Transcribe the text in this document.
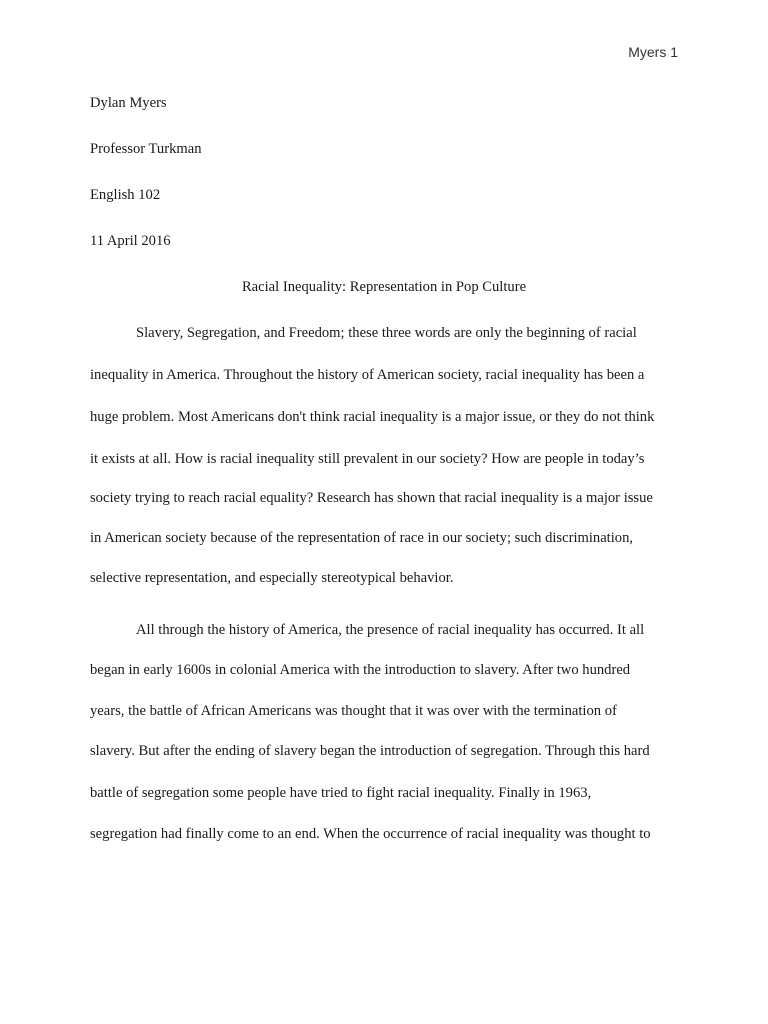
Myers 1
Dylan Myers
Professor Turkman
English 102
11 April 2016
Racial Inequality: Representation in Pop Culture
Slavery, Segregation, and Freedom; these three words are only the beginning of racial
inequality in America. Throughout the history of American society, racial inequality has been a
huge problem. Most Americans don't think racial inequality is a major issue, or they do not think
it exists at all. How is racial inequality still prevalent in our society? How are people in today’s
society trying to reach racial equality? Research has shown that racial inequality is a major issue
in American society because of the representation of race in our society; such discrimination,
selective representation, and especially stereotypical behavior.
All through the history of America, the presence of racial inequality has occurred. It all
began in early 1600s in colonial America with the introduction to slavery. After two hundred
years, the battle of African Americans was thought that it was over with the termination of
slavery. But after the ending of slavery began the introduction of segregation. Through this hard
battle of segregation some people have tried to fight racial inequality. Finally in 1963,
segregation had finally come to an end. When the occurrence of racial inequality was thought to
